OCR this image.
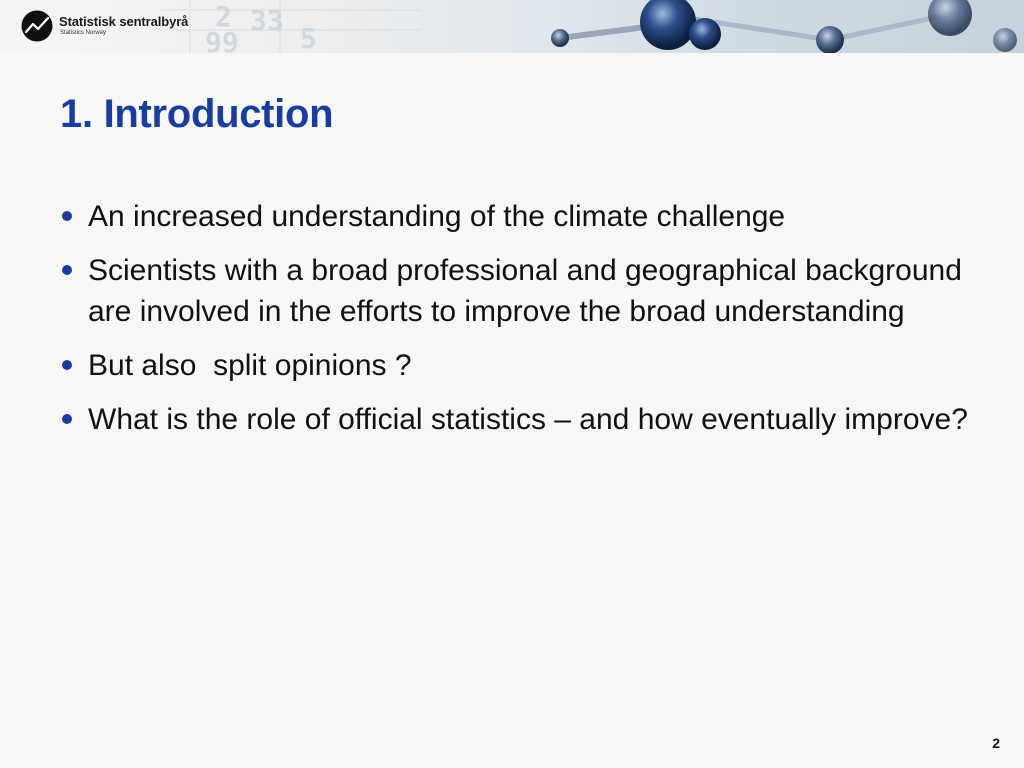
2 33
99 5
Statistisk sentralbyrå
Statistics Norway
1. Introduction
An increased understanding of the climate challenge
Scientists with a broad professional and geographical background are involved in the efforts to improve the broad understanding
But also  split opinions ?
What is the role of official statistics – and how eventually improve?
2
